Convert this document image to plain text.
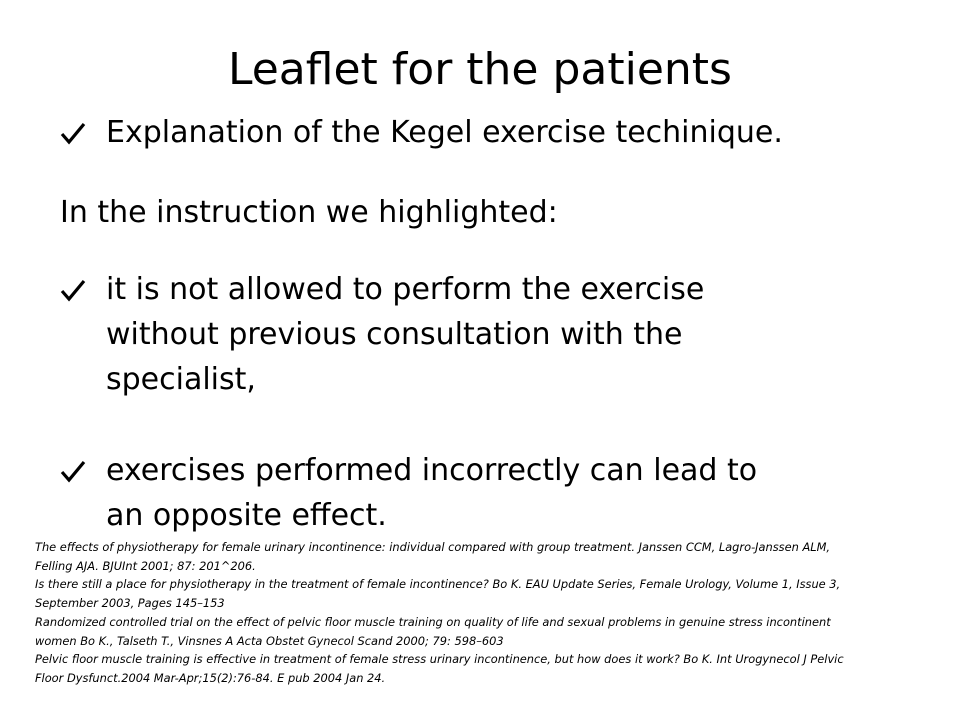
Leaflet for the patients
Explanation of the Kegel exercise techinique.
In the instruction we highlighted:
it is not allowed to perform the exercise
without previous consultation with the
specialist,
exercises performed incorrectly can lead to
an opposite effect.
The effects of physiotherapy for female urinary incontinence: individual compared with group treatment. Janssen CCM, Lagro-Janssen ALM,
Felling AJA. BJUInt 2001; 87: 201^206.
Is there still a place for physiotherapy in the treatment of female incontinence? Bo K. EAU Update Series, Female Urology, Volume 1, Issue 3,
September 2003, Pages 145–153
Randomized controlled trial on the effect of pelvic floor muscle training on quality of life and sexual problems in genuine stress incontinent
women Bo K., Talseth T., Vinsnes A Acta Obstet Gynecol Scand 2000; 79: 598–603
Pelvic floor muscle training is effective in treatment of female stress urinary incontinence, but how does it work? Bo K. Int Urogynecol J Pelvic
Floor Dysfunct.2004 Mar-Apr;15(2):76-84. E pub 2004 Jan 24.
